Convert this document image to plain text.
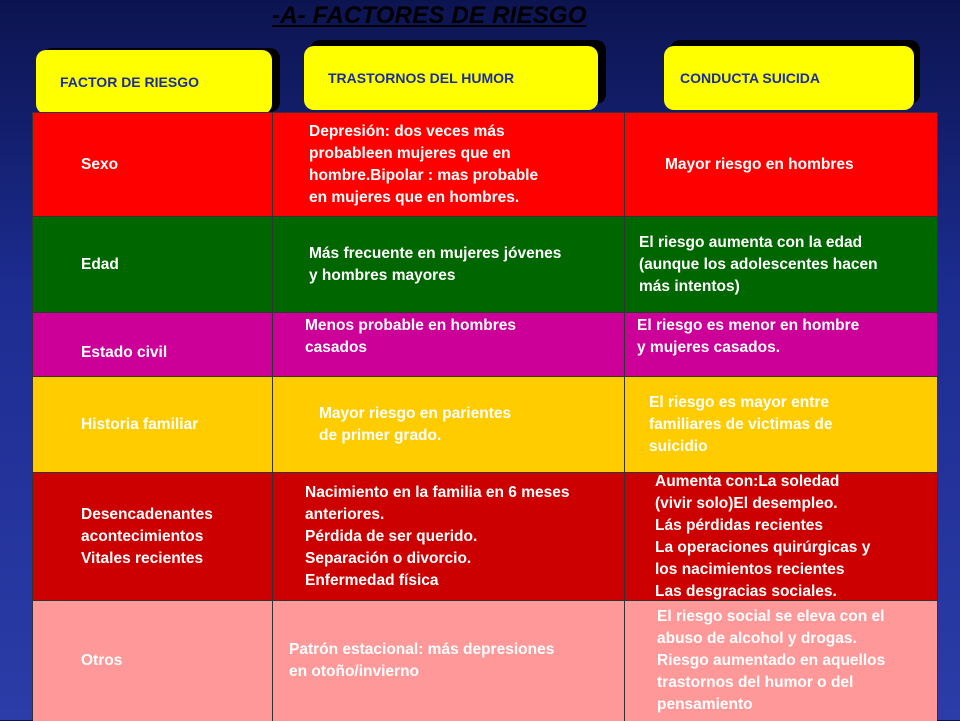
-A- FACTORES DE RIESGO
FACTOR DE RIESGO	TRASTORNOS DEL HUMOR	CONDUCTA SUICIDA
Sexo
Depresión: dos veces más
probableen mujeres que en
hombre.Bipolar : mas probable
en mujeres que en hombres.
Mayor riesgo en hombres
Edad
Más frecuente en mujeres jóvenes
y hombres mayores
El riesgo aumenta con la edad
(aunque los adolescentes hacen
más intentos)
Estado civil
Menos probable en hombres
casados
El riesgo es menor en hombre
y mujeres casados.
Historia familiar
Mayor riesgo en parientes
de primer grado.
El riesgo es mayor entre
familiares de victimas de
suicidio
Desencadenantes
acontecimientos
Vitales recientes
Nacimiento en la familia en 6 meses
anteriores.
Pérdida de ser querido.
Separación o divorcio.
Enfermedad física
Aumenta con:La soledad
(vivir solo)El desempleo.
Lás pérdidas recientes
La operaciones quirúrgicas y
los nacimientos recientes
Las desgracias sociales.
Otros
Patrón estacional: más depresiones
en otoño/invierno
El riesgo social se eleva con el
abuso de alcohol y drogas.
Riesgo aumentado en aquellos
trastornos del humor o del
pensamiento
